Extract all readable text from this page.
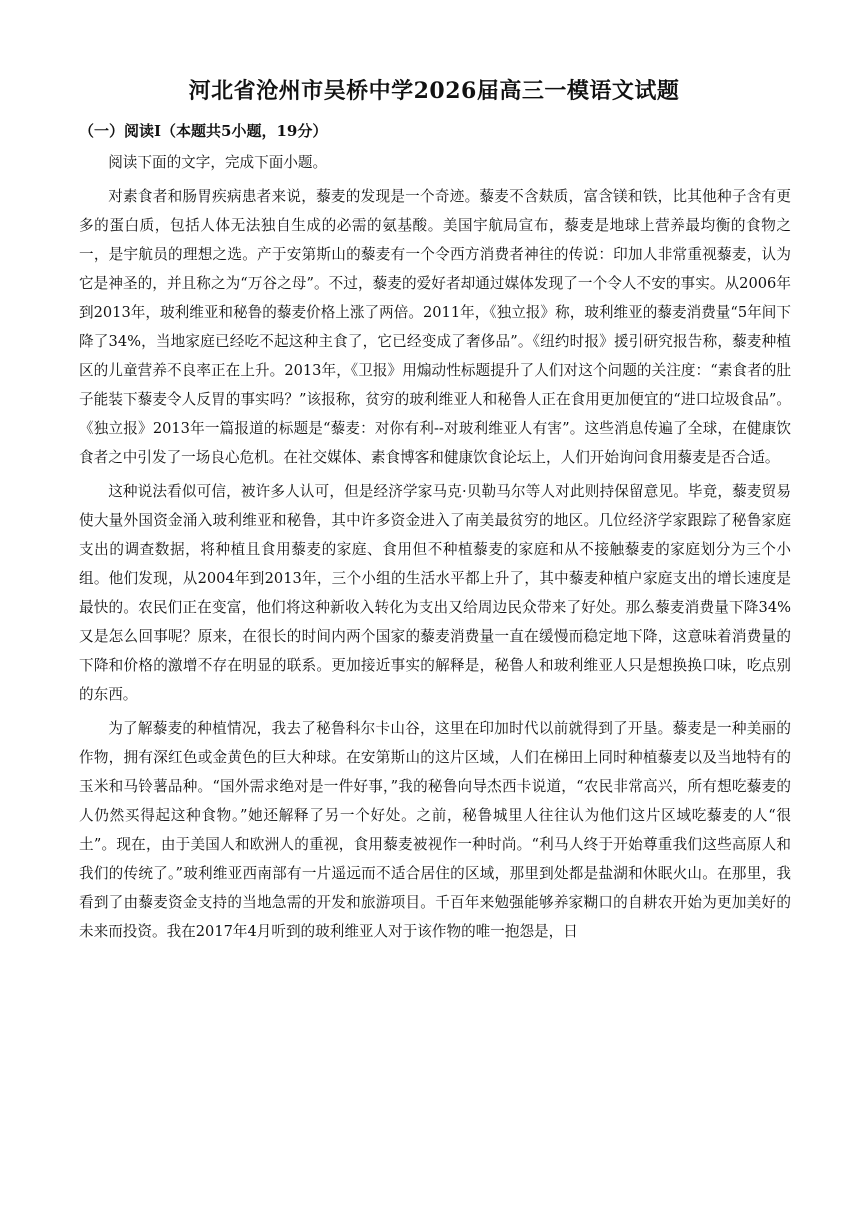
河北省沧州市吴桥中学2026届高三一模语文试题
（一）阅读Ⅰ（本题共5小题，19分）

阅读下面的文字，完成下面小题。

对素食者和肠胃疾病患者来说，藜麦的发现是一个奇迹。藜麦不含麸质，富含镁和铁，比其他种子含有更多的蛋白质，包括人体无法独自生成的必需的氨基酸。美国宇航局宣布，藜麦是地球上营养最均衡的食物之一，是宇航员的理想之选。产于安第斯山的藜麦有一个令西方消费者神往的传说：印加人非常重视藜麦，认为它是神圣的，并且称之为“万谷之母”。不过，藜麦的爱好者却通过媒体发现了一个令人不安的事实。从2006年到2013年，玻利维亚和秘鲁的藜麦价格上涨了两倍。2011年，《独立报》称，玻利维亚的藜麦消费量“5年间下降了34%，当地家庭已经吃不起这种主食了，它已经变成了奢侈品”。《纽约时报》援引研究报告称，藜麦种植区的儿童营养不良率正在上升。2013年，《卫报》用煽动性标题提升了人们对这个问题的关注度：“素食者的肚子能装下藜麦令人反胃的事实吗？”该报称，贫穷的玻利维亚人和秘鲁人正在食用更加便宜的“进口垃圾食品”。《独立报》2013年一篇报道的标题是“藜麦：对你有利--对玻利维亚人有害”。这些消息传遍了全球，在健康饮食者之中引发了一场良心危机。在社交媒体、素食博客和健康饮食论坛上，人们开始询问食用藜麦是否合适。

这种说法看似可信，被许多人认可，但是经济学家马克·贝勒马尔等人对此则持保留意见。毕竟，藜麦贸易使大量外国资金涌入玻利维亚和秘鲁，其中许多资金进入了南美最贫穷的地区。几位经济学家跟踪了秘鲁家庭支出的调查数据，将种植且食用藜麦的家庭、食用但不种植藜麦的家庭和从不接触藜麦的家庭划分为三个小组。他们发现，从2004年到2013年，三个小组的生活水平都上升了，其中藜麦种植户家庭支出的增长速度是最快的。农民们正在变富，他们将这种新收入转化为支出又给周边民众带来了好处。那么藜麦消费量下降34%又是怎么回事呢？原来，在很长的时间内两个国家的藜麦消费量一直在缓慢而稳定地下降，这意味着消费量的下降和价格的激增不存在明显的联系。更加接近事实的解释是，秘鲁人和玻利维亚人只是想换换口味，吃点别的东西。

为了解藜麦的种植情况，我去了秘鲁科尔卡山谷，这里在印加时代以前就得到了开垦。藜麦是一种美丽的作物，拥有深红色或金黄色的巨大种球。在安第斯山的这片区域，人们在梯田上同时种植藜麦以及当地特有的玉米和马铃薯品种。“国外需求绝对是一件好事，”我的秘鲁向导杰西卡说道，“农民非常高兴，所有想吃藜麦的人仍然买得起这种食物。”她还解释了另一个好处。之前，秘鲁城里人往往认为他们这片区域吃藜麦的人“很土”。现在，由于美国人和欧洲人的重视，食用藜麦被视作一种时尚。“利马人终于开始尊重我们这些高原人和我们的传统了。”玻利维亚西南部有一片遥远而不适合居住的区域，那里到处都是盐湖和休眠火山。在那里，我看到了由藜麦资金支持的当地急需的开发和旅游项目。千百年来勉强能够养家糊口的自耕农开始为更加美好的未来而投资。我在2017年4月听到的玻利维亚人对于该作物的唯一抱怨是，日
